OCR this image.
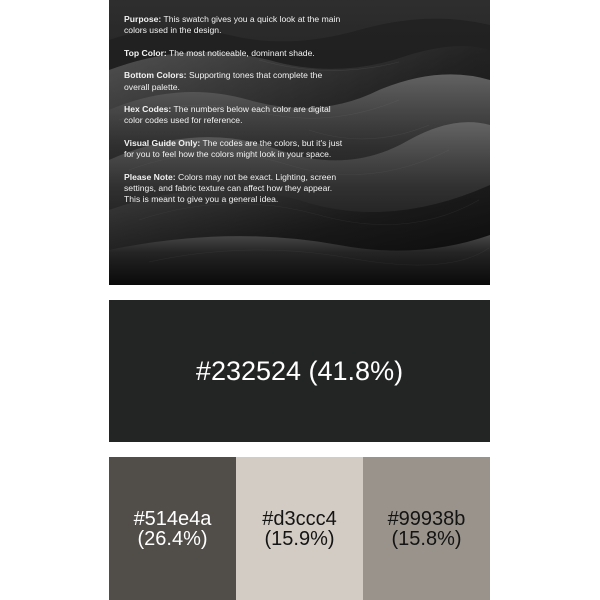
Purpose: This swatch gives you a quick look at the main colors used in the design.

Top Color: The most noticeable, dominant shade.

Bottom Colors: Supporting tones that complete the overall palette.

Hex Codes: The numbers below each color are digital color codes used for reference.

Visual Guide Only: The codes are the colors, but it's just for you to feel how the colors might look in your space.

Please Note: Colors may not be exact. Lighting, screen settings, and fabric texture can affect how they appear. This is meant to give you a general idea.

#232524 (41.8%)
#514e4a
(26.4%)
#d3ccc4
(15.9%)
#99938b
(15.8%)
